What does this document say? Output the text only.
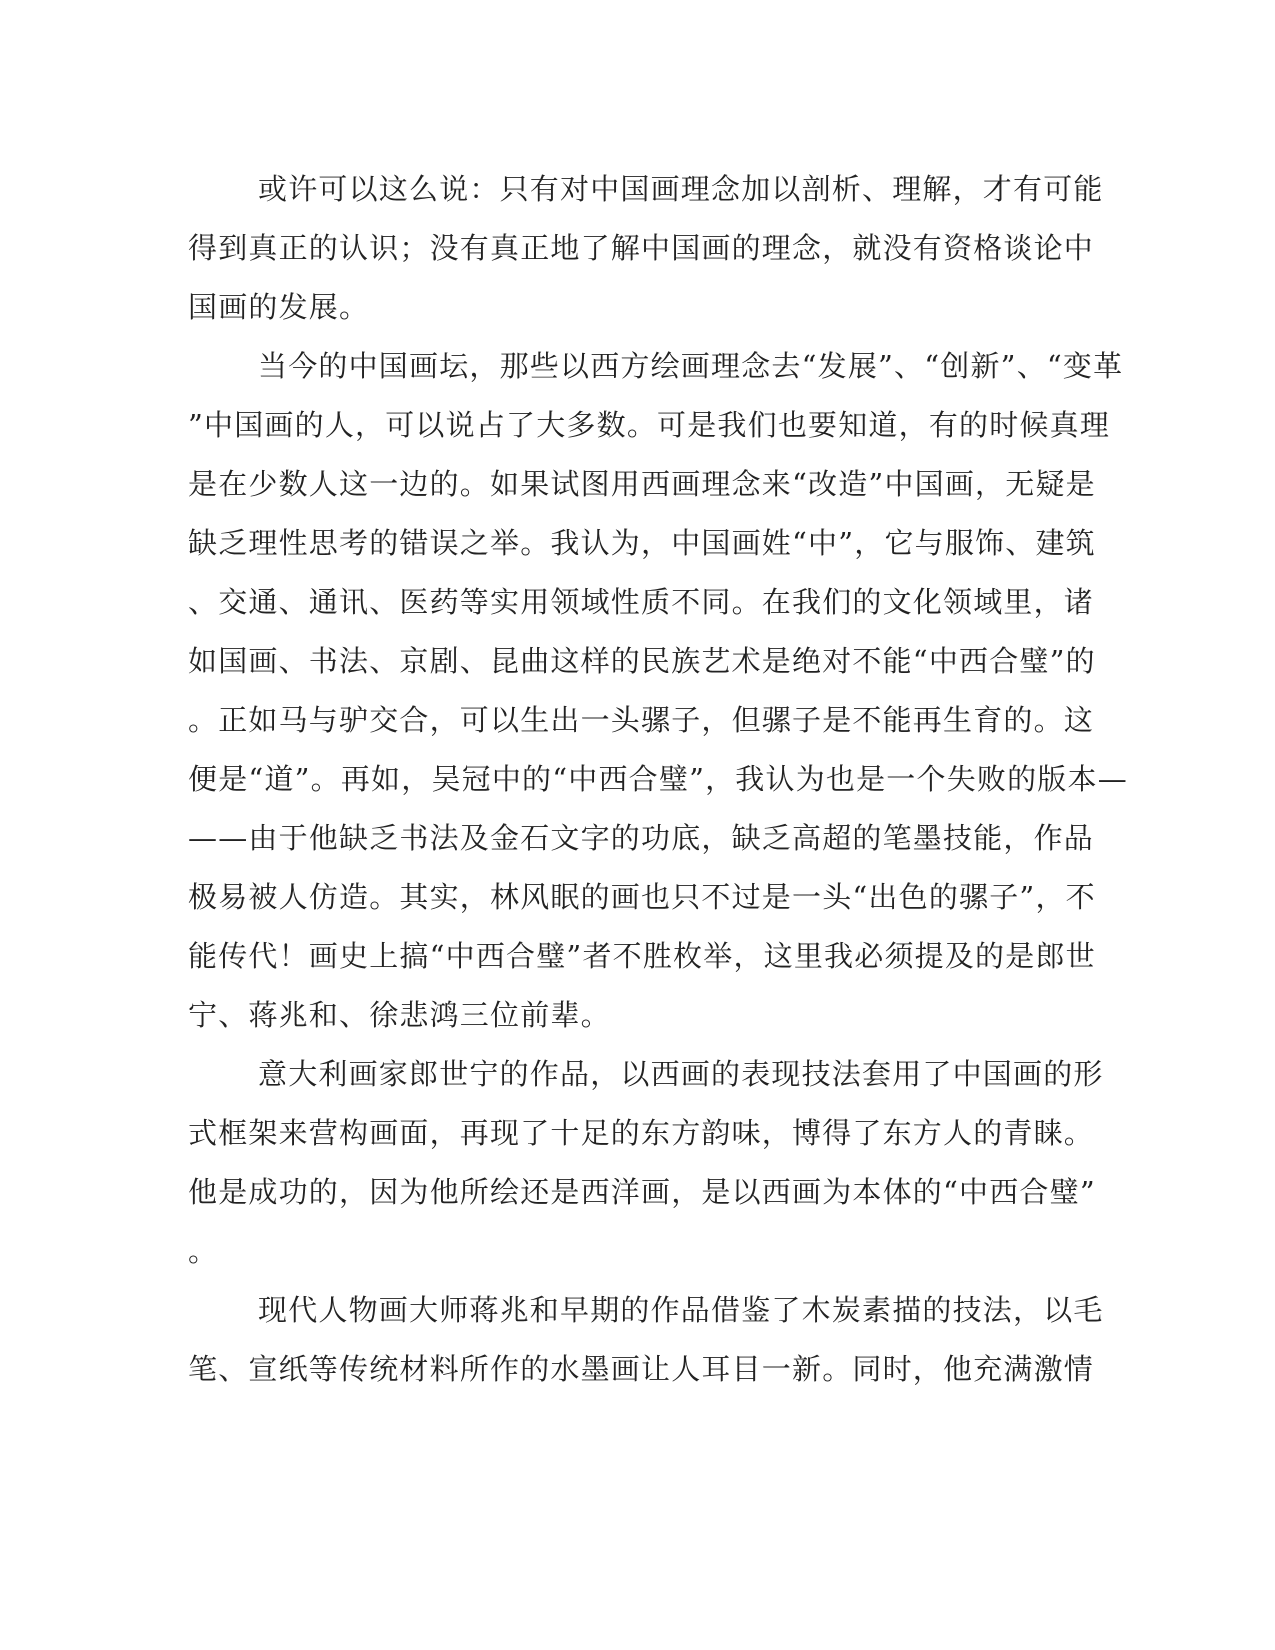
或许可以这么说：只有对中国画理念加以剖析、理解，才有可能
得到真正的认识；没有真正地了解中国画的理念，就没有资格谈论中
国画的发展。
当今的中国画坛，那些以西方绘画理念去“发展”、“创新”、“变革
”中国画的人，可以说占了大多数。可是我们也要知道，有的时候真理
是在少数人这一边的。如果试图用西画理念来“改造”中国画，无疑是
缺乏理性思考的错误之举。我认为，中国画姓“中”，它与服饰、建筑
、交通、通讯、医药等实用领域性质不同。在我们的文化领域里，诸
如国画、书法、京剧、昆曲这样的民族艺术是绝对不能“中西合璧”的
。正如马与驴交合，可以生出一头骡子，但骡子是不能再生育的。这
便是“道”。再如，吴冠中的“中西合璧”，我认为也是一个失败的版本—
——由于他缺乏书法及金石文字的功底，缺乏高超的笔墨技能，作品
极易被人仿造。其实，林风眠的画也只不过是一头“出色的骡子”，不
能传代！画史上搞“中西合璧”者不胜枚举，这里我必须提及的是郎世
宁、蒋兆和、徐悲鸿三位前辈。
意大利画家郎世宁的作品，以西画的表现技法套用了中国画的形
式框架来营构画面，再现了十足的东方韵味，博得了东方人的青睐。
他是成功的，因为他所绘还是西洋画，是以西画为本体的“中西合璧”
。
现代人物画大师蒋兆和早期的作品借鉴了木炭素描的技法，以毛
笔、宣纸等传统材料所作的水墨画让人耳目一新。同时，他充满激情
